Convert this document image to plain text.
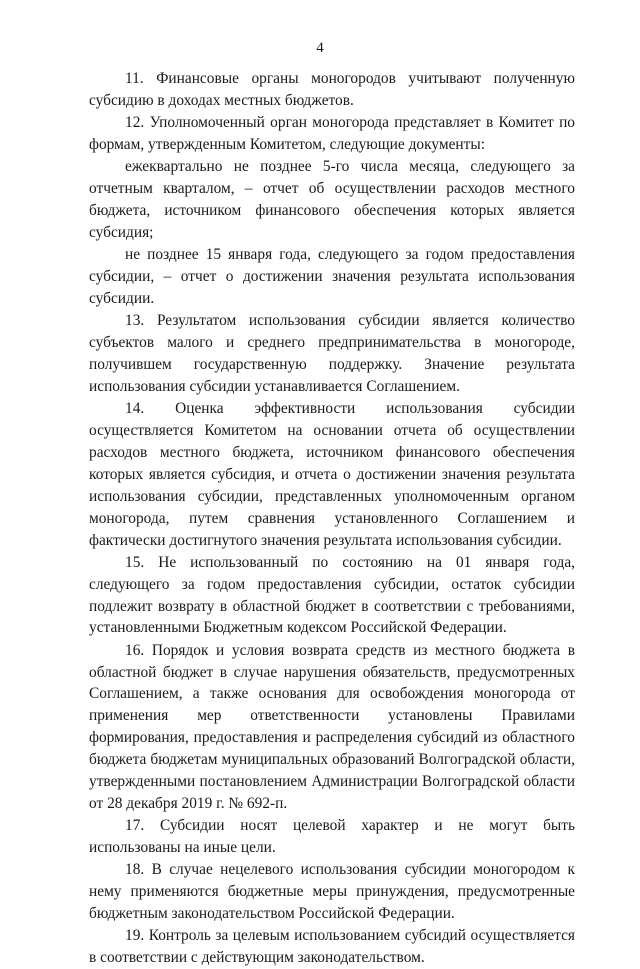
4

11. Финансовые органы моногородов учитывают полученную субсидию в доходах местных бюджетов.

12. Уполномоченный орган моногорода представляет в Комитет по формам, утвержденным Комитетом, следующие документы:

ежеквартально не позднее 5-го числа месяца, следующего за отчетным кварталом, – отчет об осуществлении расходов местного бюджета, источником финансового обеспечения которых является субсидия;

не позднее 15 января года, следующего за годом предоставления субсидии, – отчет о достижении значения результата использования субсидии.

13. Результатом использования субсидии является количество субъектов малого и среднего предпринимательства в моногороде, получившем государственную поддержку. Значение результата использования субсидии устанавливается Соглашением.

14. Оценка эффективности использования субсидии осуществляется Комитетом на основании отчета об осуществлении расходов местного бюджета, источником финансового обеспечения которых является субсидия, и отчета о достижении значения результата использования субсидии, представленных уполномоченным органом моногорода, путем сравнения установленного Соглашением и фактически достигнутого значения результата использования субсидии.

15. Не использованный по состоянию на 01 января года, следующего за годом предоставления субсидии, остаток субсидии подлежит возврату в областной бюджет в соответствии с требованиями, установленными Бюджетным кодексом Российской Федерации.

16. Порядок и условия возврата средств из местного бюджета в областной бюджет в случае нарушения обязательств, предусмотренных Соглашением, а также основания для освобождения моногорода от применения мер ответственности установлены Правилами формирования, предоставления и распределения субсидий из областного бюджета бюджетам муниципальных образований Волгоградской области, утвержденными постановлением Администрации Волгоградской области от 28 декабря 2019 г. № 692-п.

17. Субсидии носят целевой характер и не могут быть использованы на иные цели.

18. В случае нецелевого использования субсидии моногородом к нему применяются бюджетные меры принуждения, предусмотренные бюджетным законодательством Российской Федерации.

19. Контроль за целевым использованием субсидий осуществляется в соответствии с действующим законодательством.
